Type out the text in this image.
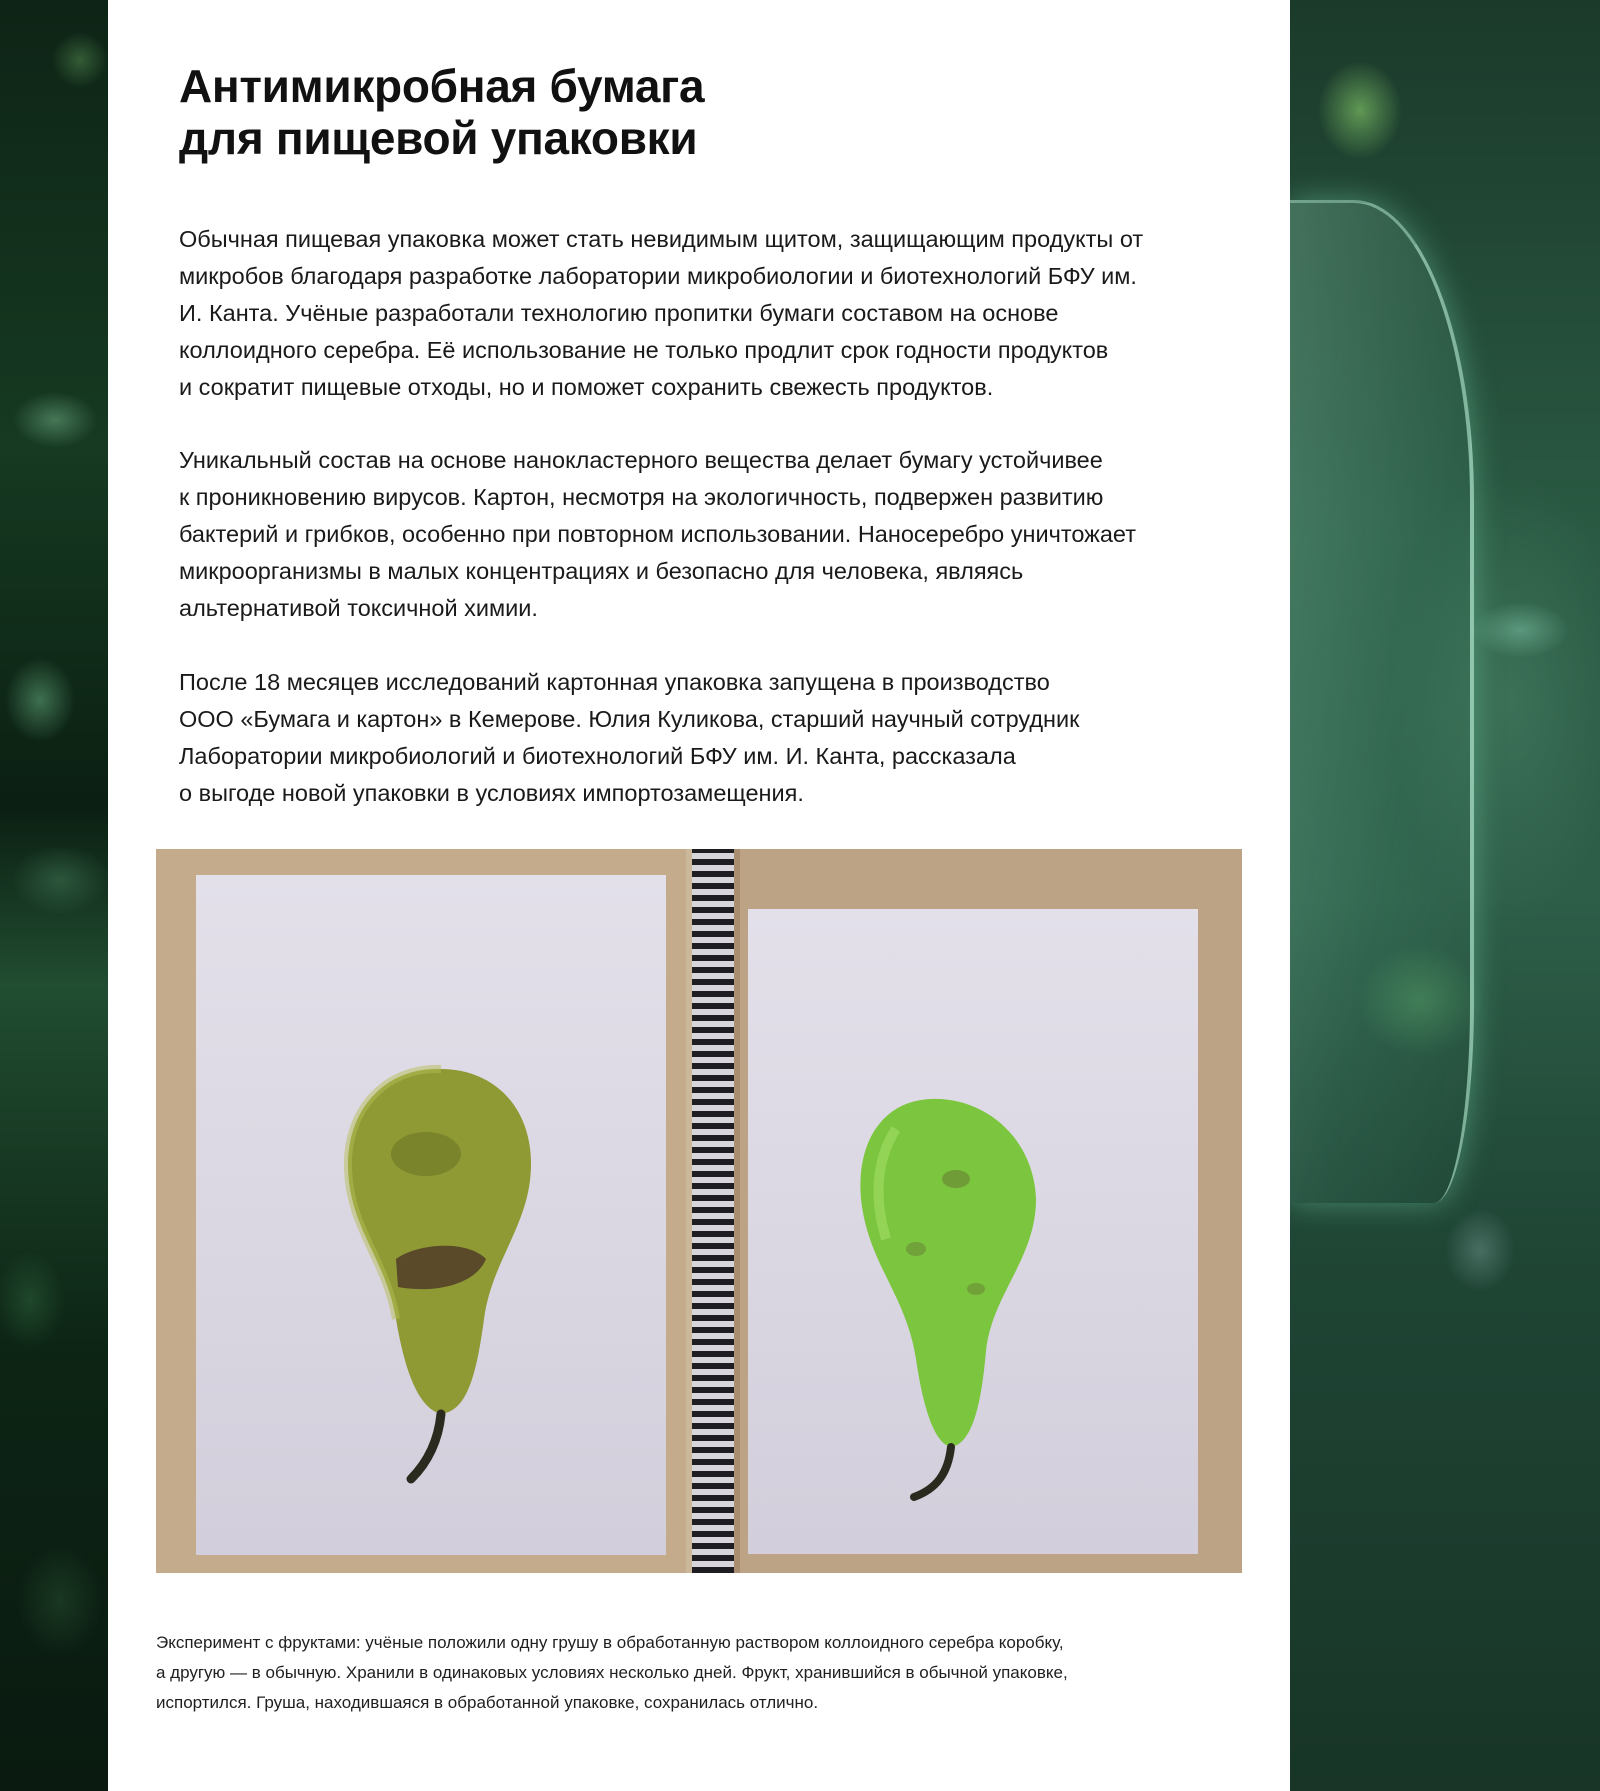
Антимикробная бумага
для пищевой упаковки

Обычная пищевая упаковка может стать невидимым щитом, защищающим продукты от
микробов благодаря разработке лаборатории микробиологии и биотехнологий БФУ им.
И. Канта. Учёные разработали технологию пропитки бумаги составом на основе
коллоидного серебра. Её использование не только продлит срок годности продуктов
и сократит пищевые отходы, но и поможет сохранить свежесть продуктов.

Уникальный состав на основе нанокластерного вещества делает бумагу устойчивее
к проникновению вирусов. Картон, несмотря на экологичность, подвержен развитию
бактерий и грибков, особенно при повторном использовании. Наносеребро уничтожает
микроорганизмы в малых концентрациях и безопасно для человека, являясь
альтернативой токсичной химии.

После 18 месяцев исследований картонная упаковка запущена в производство
ООО «Бумага и картон» в Кемерове. Юлия Куликова, старший научный сотрудник
Лаборатории микробиологий и биотехнологий БФУ им. И. Канта, рассказала
о выгоде новой упаковки в условиях импортозамещения.

Эксперимент с фруктами: учёные положили одну грушу в обработанную раствором коллоидного серебра коробку,
а другую — в обычную. Хранили в одинаковых условиях несколько дней. Фрукт, хранившийся в обычной упаковке,
испортился. Груша, находившаяся в обработанной упаковке, сохранилась отлично.
